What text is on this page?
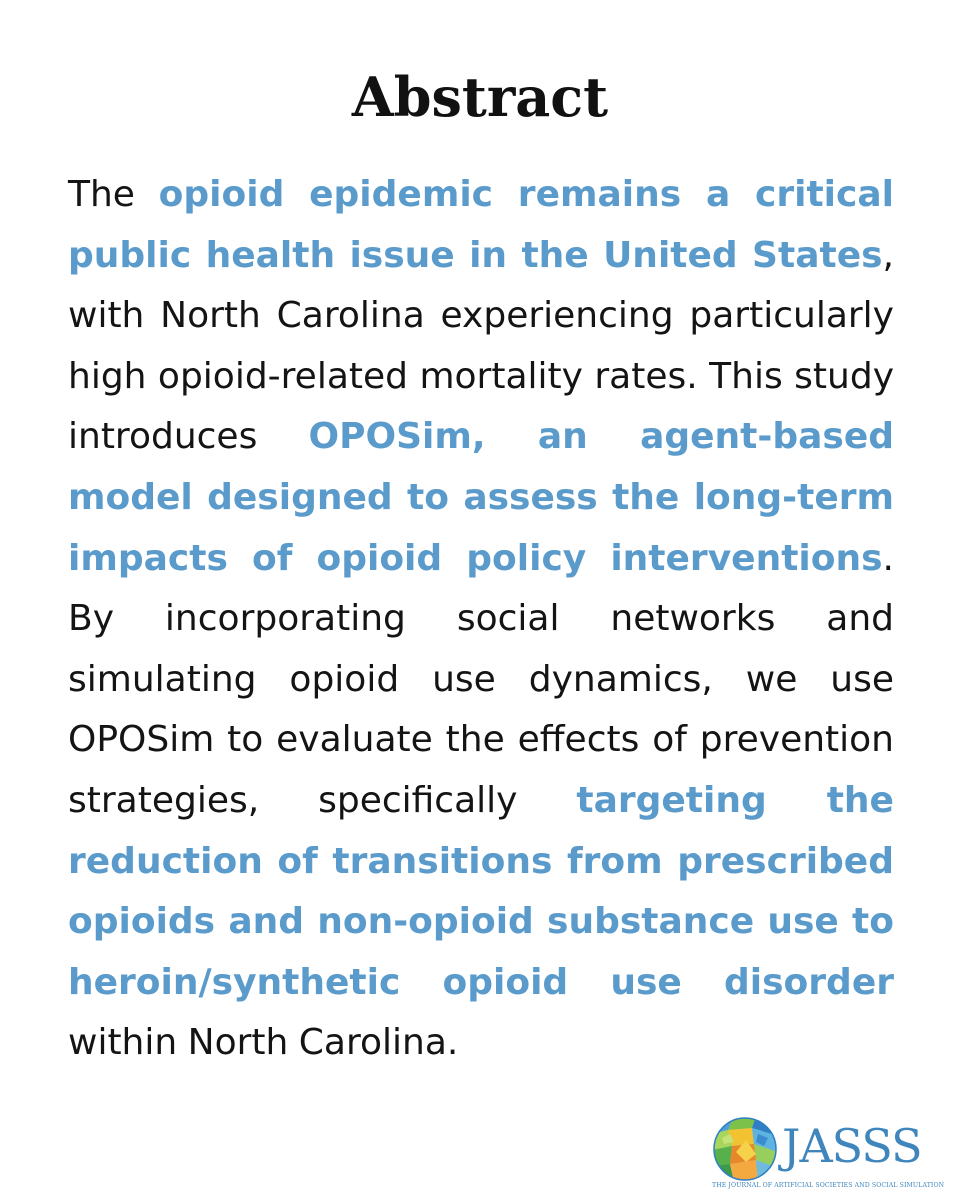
Abstract

The opioid epidemic remains a critical public health issue in the United States, with North Carolina experiencing particularly high opioid-related mortality rates. This study introduces OPOSim, an agent-based model designed to assess the long-term impacts of opioid policy interventions. By incorporating social networks and simulating opioid use dynamics, we use OPOSim to evaluate the effects of prevention strategies, specifically targeting the reduction of transitions from prescribed opioids and non-opioid substance use to heroin/synthetic opioid use disorder within North Carolina.

JASSS
THE JOURNAL OF ARTIFICIAL SOCIETIES AND SOCIAL SIMULATION
